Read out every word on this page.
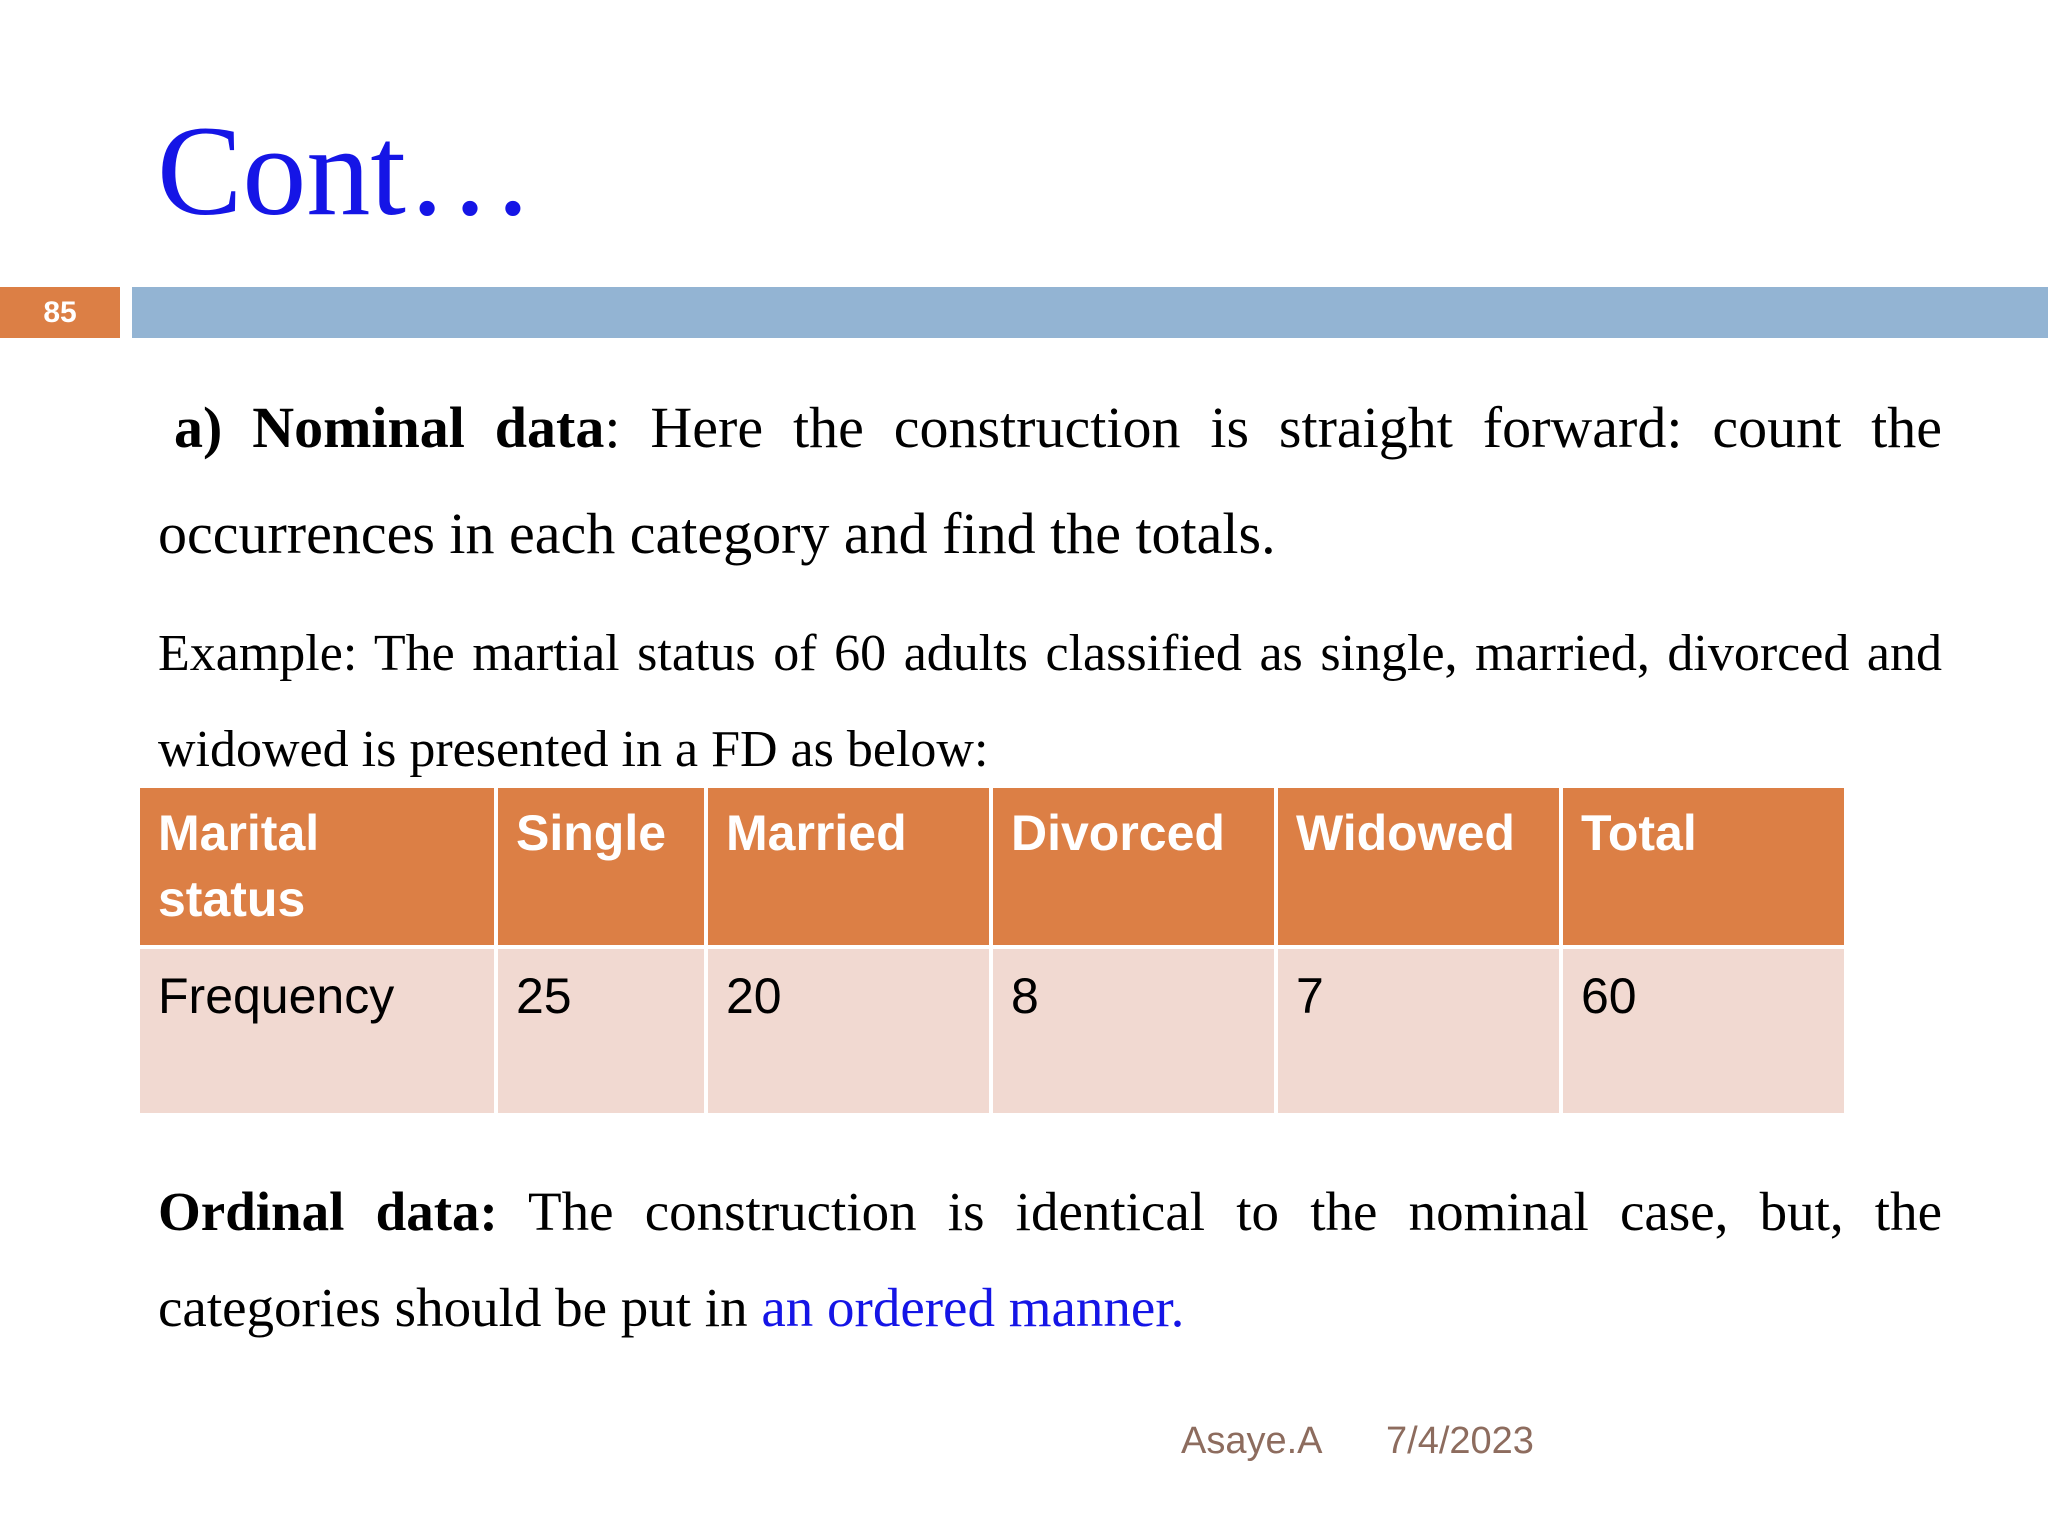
Cont…
85

a) Nominal data: Here the construction is straight forward: count the occurrences in each category and find the totals.

Example: The martial status of 60 adults classified as single, married, divorced and widowed is presented in a FD as below:

Marital status	Single	Married	Divorced	Widowed	Total
Frequency	25	20	8	7	60

Ordinal data: The construction is identical to the nominal case, but, the categories should be put in an ordered manner.

Asaye.A 7/4/2023
